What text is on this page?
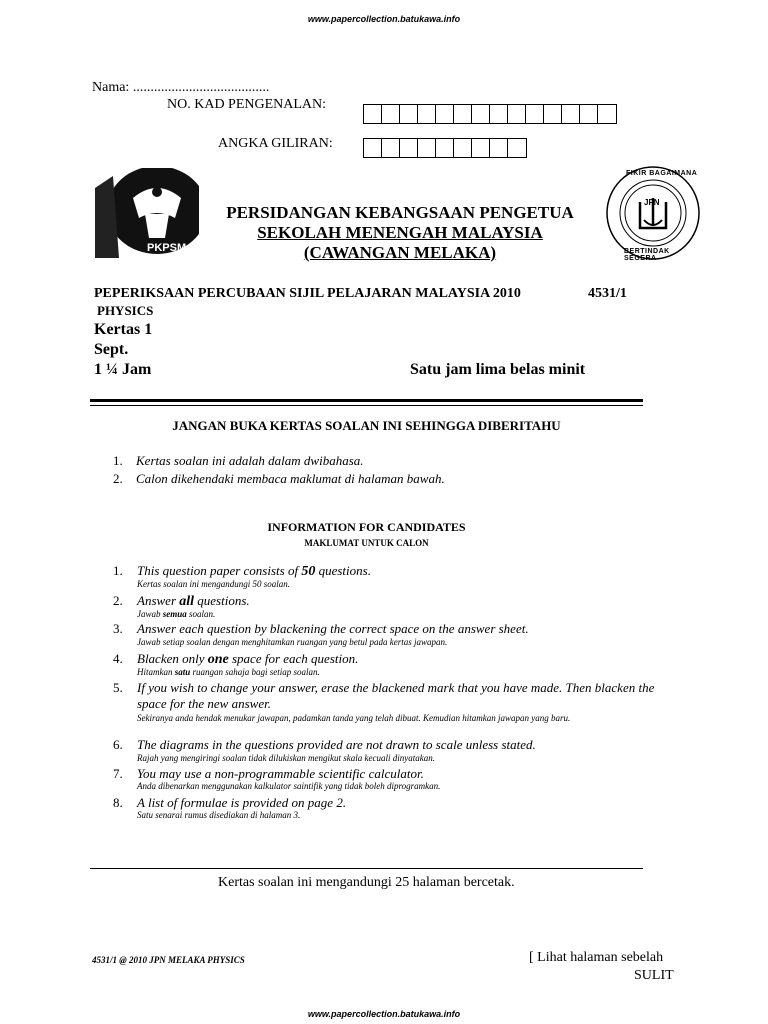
www.papercollection.batukawa.info
Nama: .......................................
NO. KAD PENGENALAN:
ANGKA GILIRAN:
PKPSM
FIKIR BAGAIMANA
JPN
BERTINDAK SEGERA
PERSIDANGAN KEBANGSAAN PENGETUA
SEKOLAH MENENGAH MALAYSIA
(CAWANGAN MELAKA)
PEPERIKSAAN PERCUBAAN SIJIL PELAJARAN MALAYSIA 2010	4531/1
PHYSICS
Kertas 1
Sept.
1 ¼ Jam	Satu jam lima belas minit
JANGAN BUKA KERTAS SOALAN INI SEHINGGA DIBERITAHU
1. Kertas soalan ini adalah dalam dwibahasa.
2. Calon dikehendaki membaca maklumat di halaman bawah.
INFORMATION FOR CANDIDATES
MAKLUMAT UNTUK CALON
1. This question paper consists of 50 questions.
Kertas soalan ini mengandungi 50 soalan.
2. Answer all questions.
Jawab semua soalan.
3. Answer each question by blackening the correct space on the answer sheet.
Jawab setiap soalan dengan menghitamkan ruangan yang betul pada kertas jawapan.
4. Blacken only one space for each question.
Hitamkan satu ruangan sahaja bagi setiap soalan.
5. If you wish to change your answer, erase the blackened mark that you have made. Then blacken the space for the new answer.
Sekiranya anda hendak menukar jawapan, padamkan tanda yang telah dibuat. Kemudian hitamkan jawapan yang baru.
6. The diagrams in the questions provided are not drawn to scale unless stated.
Rajah yang mengiringi soalan tidak dilukiskan mengikut skala kecuali dinyatakan.
7. You may use a non-programmable scientific calculator.
Anda dibenarkan menggunakan kalkulator saintifik yang tidak boleh diprogramkan.
8. A list of formulae is provided on page 2.
Satu senarai rumus disediakan di halaman 3.
Kertas soalan ini mengandungi 25 halaman bercetak.
4531/1 @ 2010 JPN MELAKA PHYSICS	[ Lihat halaman sebelah
SULIT
www.papercollection.batukawa.info
